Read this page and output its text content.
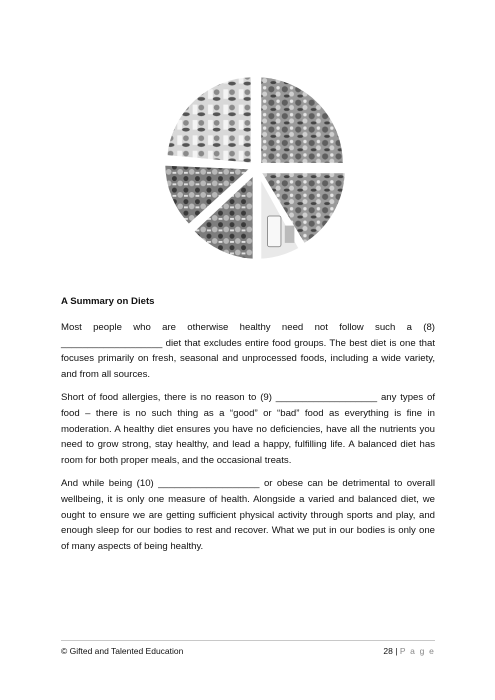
A Summary on Diets

Most people who are otherwise healthy need not follow such a (8) ___________________ diet that excludes entire food groups. The best diet is one that focuses primarily on fresh, seasonal and unprocessed foods, including a wide variety, and from all sources.

Short of food allergies, there is no reason to (9) ___________________ any types of food – there is no such thing as a “good” or “bad” food as everything is fine in moderation. A healthy diet ensures you have no deficiencies, have all the nutrients you need to grow strong, stay healthy, and lead a happy, fulfilling life. A balanced diet has room for both proper meals, and the occasional treats.

And while being (10) ___________________ or obese can be detrimental to overall wellbeing, it is only one measure of health. Alongside a varied and balanced diet, we ought to ensure we are getting sufficient physical activity through sports and play, and enough sleep for our bodies to rest and recover. What we put in our bodies is only one of many aspects of being healthy.

© Gifted and Talented Education	28 | P a g e
